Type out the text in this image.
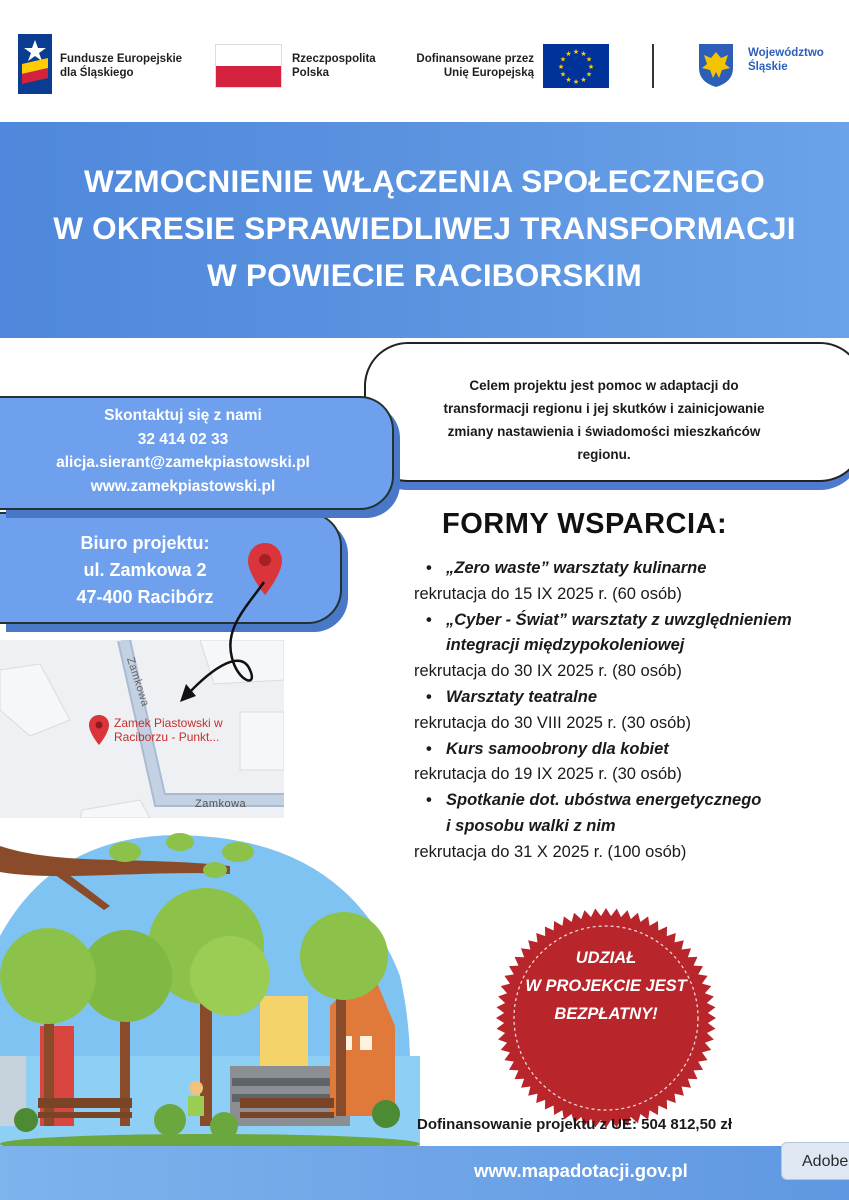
Fundusze Europejskie
dla Śląskiego
Rzeczpospolita
Polska
Dofinansowane przez
Unię Europejską
★ ★
★
★
★
★
★
★
★
★
★
★	Województwo
Śląskie
WZMOCNIENIE WŁĄCZENIA SPOŁECZNEGO
W OKRESIE SPRAWIEDLIWEJ TRANSFORMACJI
W POWIECIE RACIBORSKIM
Celem projektu jest pomoc w adaptacji do
transformacji regionu i jej skutków i zainicjowanie
zmiany nastawienia i świadomości mieszkańców
regionu.
Skontaktuj się z nami
32 414 02 33
alicja.sierant@zamekpiastowski.pl
www.zamekpiastowski.pl
Biuro projektu:
ul. Zamkowa 2
47-400 Racibórz
Zamek Piastowski w
Raciborzu - Punkt...
Zamkowa
Zamkowa
FORMY WSPARCIA:
• „Zero waste” warsztaty kulinarne
rekrutacja do 15 IX 2025 r. (60 osób)
• „Cyber - Świat” warsztaty z uwzględnieniem
integracji międzypokoleniowej
rekrutacja do 30 IX 2025 r. (80 osób)
• Warsztaty teatralne
rekrutacja do 30 VIII 2025 r. (30 osób)
• Kurs samoobrony dla kobiet
rekrutacja do 19 IX 2025 r. (30 osób)
• Spotkanie dot. ubóstwa energetycznego
i sposobu walki z nim
rekrutacja do 31 X 2025 r. (100 osób)
UDZIAŁ
W PROJEKCIE JEST
BEZPŁATNY!
Dofinansowanie projektu z UE: 504 812,50 zł
www.mapadotacji.gov.pl	Adobe
